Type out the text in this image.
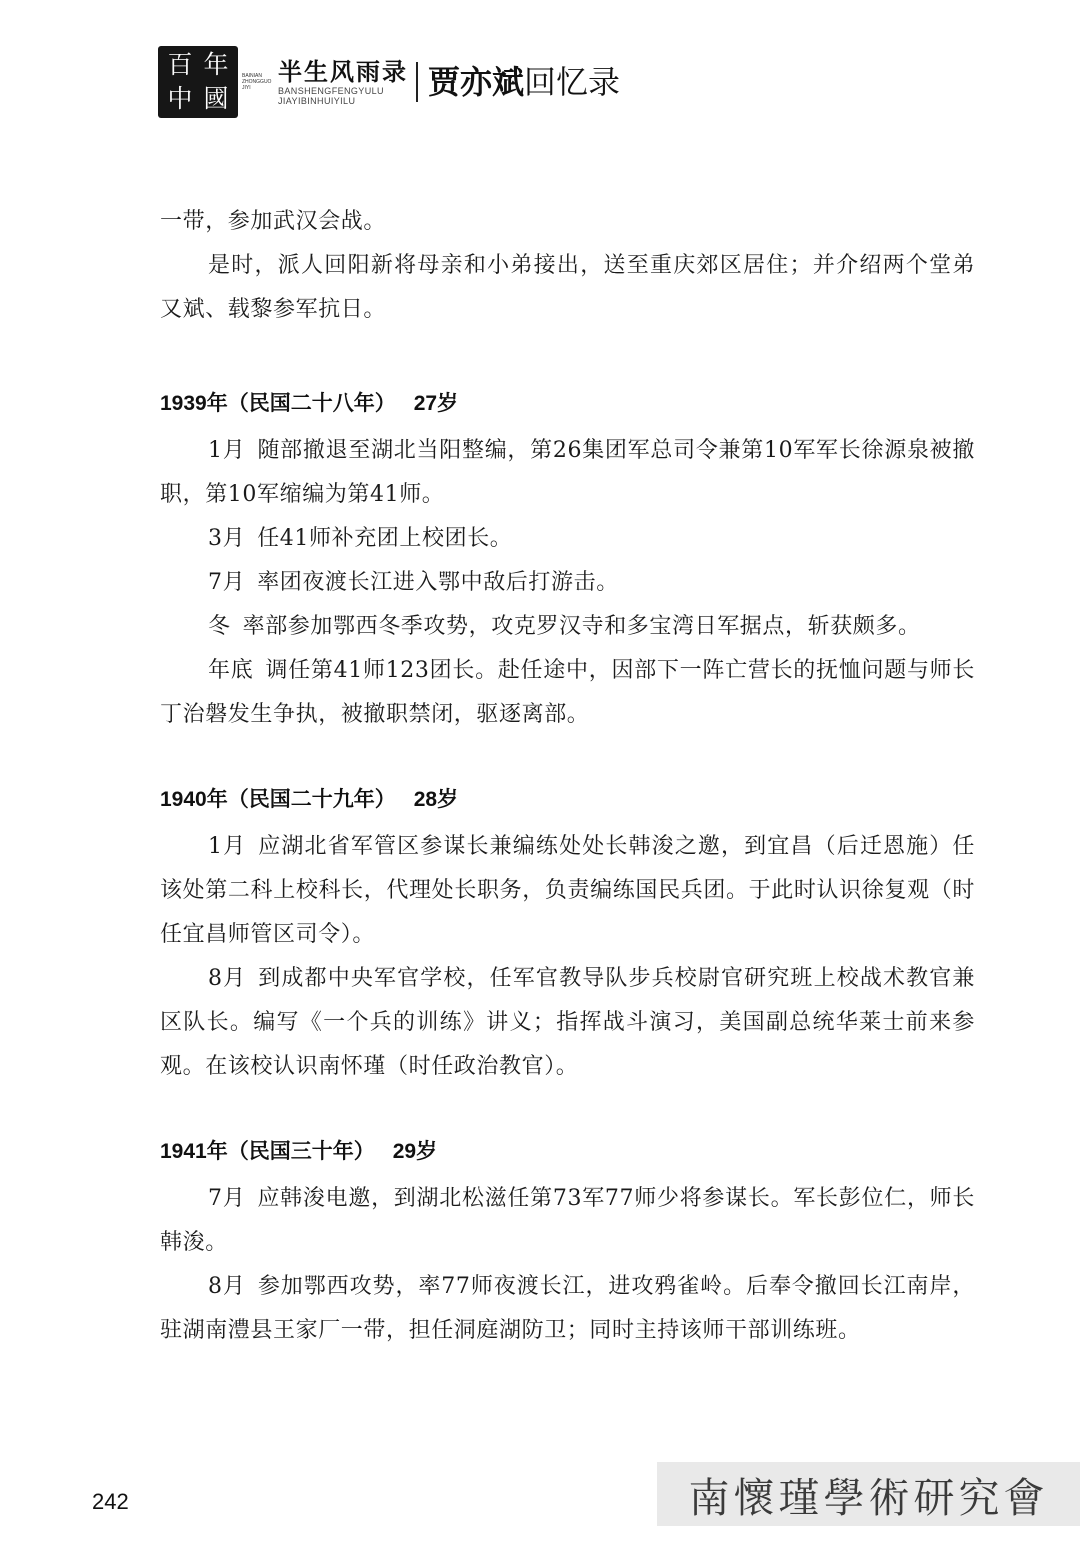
百 年
中 國
BAINIAN ZHONGGUO JIYI
半生风雨录
BANSHENGFENGYULU
JIAYIBINHUIYILU	贾亦斌回忆录

一带，参加武汉会战。

是时，派人回阳新将母亲和小弟接出，送至重庆郊区居住；并介绍两个堂弟又斌、载黎参军抗日。

1939年（民国二十八年） 27岁

1月 随部撤退至湖北当阳整编，第26集团军总司令兼第10军军长徐源泉被撤职，第10军缩编为第41师。

3月 任41师补充团上校团长。

7月 率团夜渡长江进入鄂中敌后打游击。

冬 率部参加鄂西冬季攻势，攻克罗汉寺和多宝湾日军据点，斩获颇多。

年底 调任第41师123团长。赴任途中，因部下一阵亡营长的抚恤问题与师长丁治磐发生争执，被撤职禁闭，驱逐离部。

1940年（民国二十九年） 28岁

1月 应湖北省军管区参谋长兼编练处处长韩浚之邀，到宜昌（后迁恩施）任该处第二科上校科长，代理处长职务，负责编练国民兵团。于此时认识徐复观（时任宜昌师管区司令）。

8月 到成都中央军官学校，任军官教导队步兵校尉官研究班上校战术教官兼区队长。编写《一个兵的训练》讲义；指挥战斗演习，美国副总统华莱士前来参观。在该校认识南怀瑾（时任政治教官）。

1941年（民国三十年） 29岁

7月 应韩浚电邀，到湖北松滋任第73军77师少将参谋长。军长彭位仁，师长韩浚。

8月 参加鄂西攻势，率77师夜渡长江，进攻鸦雀岭。后奉令撤回长江南岸，驻湖南澧县王家厂一带，担任洞庭湖防卫；同时主持该师干部训练班。

242	南懷瑾學術研究會
